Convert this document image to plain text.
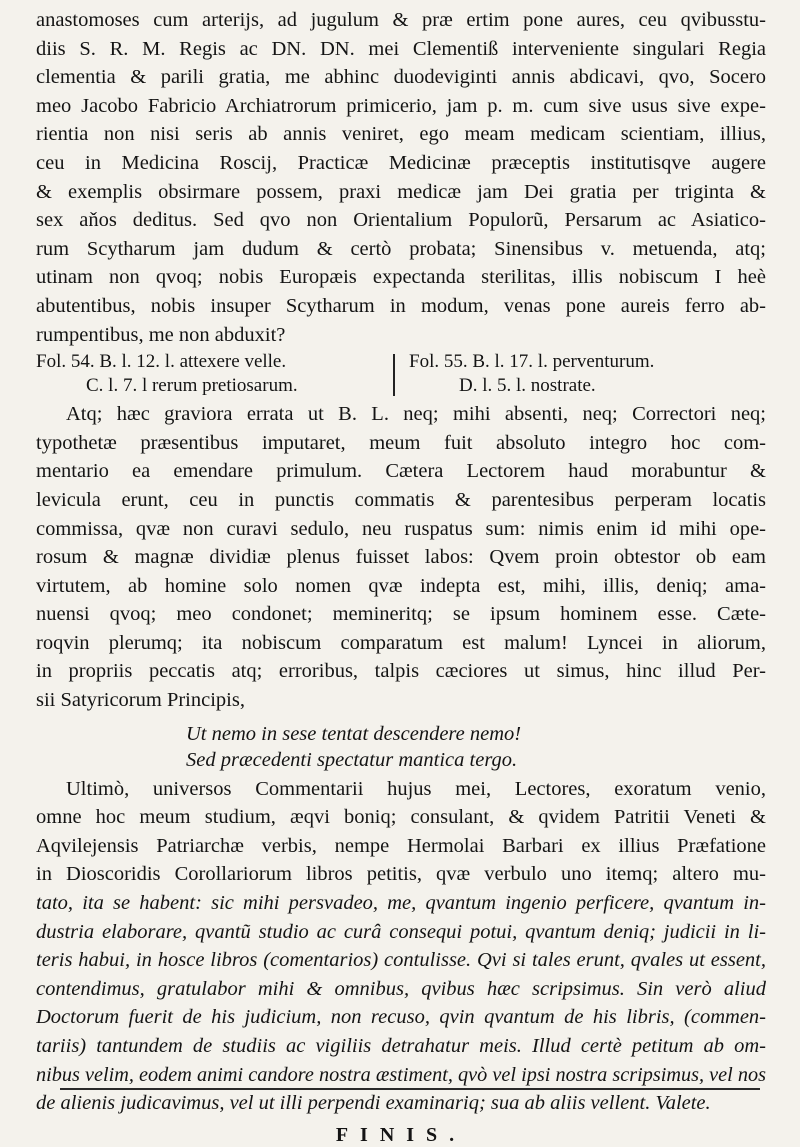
anastomoses cum arterijs, ad jugulum & præ ertim pone aures, ceu qvibusstu-
diis S. R. M. Regis ac DN. DN. mei Clementiß interveniente singulari Regia
clementia & parili gratia, me abhinc duodeviginti annis abdicavi, qvo, Socero
meo Jacobo Fabricio Archiatrorum primicerio, jam p. m. cum sive usus sive expe-
rientia non nisi seris ab annis veniret, ego meam medicam scientiam, illius,
ceu in Medicina Roscij, Practicæ Medicinæ præceptis institutisqve augere
& exemplis obsirmare possem, praxi medicæ jam Dei gratia per triginta &
sex aňos deditus. Sed qvo non Orientalium Populorũ, Persarum ac Asiatico-
rum Scytharum jam dudum & certò probata; Sinensibus v. metuenda, atq;
utinam non qvoq; nobis Europæis expectanda sterilitas, illis nobiscum I heè
abutentibus, nobis insuper Scytharum in modum, venas pone aureis ferro ab-
rumpentibus, me non abduxit?

Fol. 54. B. l. 12. l. attexere velle.
C. l. 7. l rerum pretiosarum.
Fol. 55. B. l. 17. l. perventurum.
D. l. 5. l. nostrate.

Atq; hæc graviora errata ut B. L. neq; mihi absenti, neq; Correctori neq;
typothetæ præsentibus imputaret, meum fuit absoluto integro hoc com-
mentario ea emendare primulum. Cætera Lectorem haud morabuntur &
levicula erunt, ceu in punctis commatis & parentesibus perperam locatis
commissa, qvæ non curavi sedulo, neu ruspatus sum: nimis enim id mihi ope-
rosum & magnæ dividiæ plenus fuisset labos: Qvem proin obtestor ob eam
virtutem, ab homine solo nomen qvæ indepta est, mihi, illis, deniq; ama-
nuensi qvoq; meo condonet; memineritq; se ipsum hominem esse. Cæte-
roqvin plerumq; ita nobiscum comparatum est malum! Lyncei in aliorum,
in propriis peccatis atq; erroribus, talpis cæciores ut simus, hinc illud Per-
sii Satyricorum Principis,

Ut nemo in sese tentat descendere nemo!
Sed præcedenti spectatur mantica tergo.

Ultimò, universos Commentarii hujus mei, Lectores, exoratum venio,
omne hoc meum studium, æqvi boniq; consulant, & qvidem Patritii Veneti &
Aqvilejensis Patriarchæ verbis, nempe Hermolai Barbari ex illius Præfatione
in Dioscoridis Corollariorum libros petitis, qvæ verbulo uno itemq; altero mu-
tato, ita se habent: sic mihi persvadeo, me, qvantum ingenio perficere, qvantum in-
dustria elaborare, qvantũ studio ac curâ consequi potui, qvantum deniq; judicii in li-
teris habui, in hosce libros (comentarios) contulisse. Qvi si tales erunt, qvales ut essent,
contendimus, gratulabor mihi & omnibus, qvibus hæc scripsimus. Sin verò aliud
Doctorum fuerit de his judicium, non recuso, qvin qvantum de his libris, (commen-
tariis) tantundem de studiis ac vigiliis detrahatur meis. Illud certè petitum ab om-
nibus velim, eodem animi candore nostra æstiment, qvò vel ipsi nostra scripsimus, vel nos
de alienis judicavimus, vel ut illi perpendi examinariq; sua ab aliis vellent. Valete.

FINIS.
